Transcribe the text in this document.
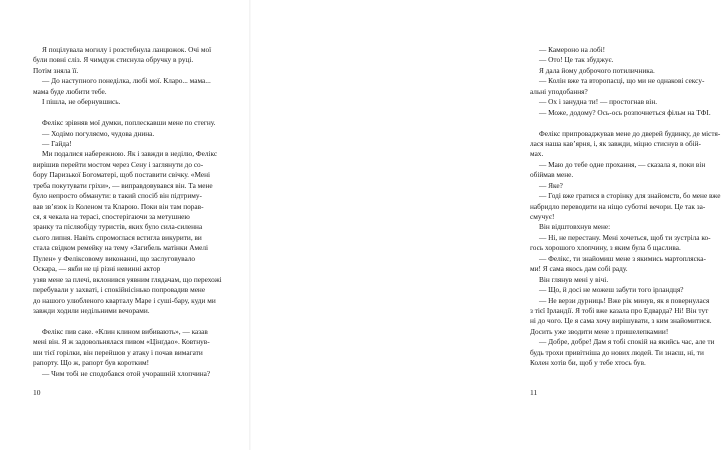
Я поцілувала могилу і розстебнула ланцюжок. Очі мої
були повні сліз. Я чимдуж стиснула обручку в руці.
Потім зняла її.
— До наступного понеділка, любі мої. Кларо... мама...
мама буде любити тебе.
І пішла, не обернувшись.
Фелікс зрівняв мої думки, поплескавши мене по стегну.
— Ходімо погуляємо, чудова днина.
— Гайда!
Ми подалися набережною. Як і завжди в неділю, Фелікс
вирішив перейти мостом через Сену і заглянути до со-
бору Паризької Богоматері, щоб поставити свічку. «Мені
треба покутувати гріхи», — виправдовувався він. Та мене
було непросто обманути: в такий спосіб він підтриму-
вав зв’язок із Коленом та Кларою. Поки він там порав-
ся, я чекала на терасі, спостерігаючи за метушнею
зранку та післяобіду туристів, яких було сила-силенна
сього липня. Навіть спромоглася встигла викурити, ви
стала свідком ремейку на тему «Загибель матінки Амелі
Пулен» у Феліксовому виконанні, що заслуговувало
Оскара, — якби не ці різні невинні актор
узяв мене за плечі, вклонився уявним глядачам, що перехожі
перебували у захваті, і спокійнісінько попровадив мене
до нашого улюбленого кварталу Маре і суші-бару, куди ми
завжди ходили недільними вечорами.
Фелікс пив саке. «Клин клином вибивають», — казав
мені він. Я ж задовольнялася пивом «Цінґдао». Ковтнув-
ши тієї горілки, він перейшов у атаку і почав вимагати
рапорту. Що ж, рапорт був коротким!
— Чим тобі не сподобався отой учорашній хлопчина?
10
— Камероно на лобі!
— Ото! Це так збуджує.
Я дала йому доброчого потиличника.
— Колін вже та второпасці, що ми не однакові сексу-
альні уподобання?
— Ох і занудна ти! — простогнав він.
— Може, додому? Ось-ось розпочнеться фільм на ТФІ.
Фелікс припроваджував мене до дверей будинку, де містя-
лася наша кав’ярня, і, як завжди, міцно стиснув в обій-
мах.
— Маю до тебе одне прохання, — сказала я, поки він
обіймав мене.
— Яке?
— Годі вже гратися в сторінку для знайомств, бо мене вже
набридло переводити на ніщо суботні вечори. Це так за-
смучує!
Він відштовхнув мене:
— Ні, не перестану. Мені хочеться, щоб ти зустріла ко-
гось хорошого хлопчину, з яким була б щаслива.
— Фелікс, ти знайомиш мене з якимись мартопляска-
ми! Я сама якось дам собі раду.
Він глянув мені у вічі.
— Що, й досі не можеш забути того ірландця?
— Не верзи дурниць! Вже рік минув, як я повернулася
з тієї Ірландії. Я тобі вже казала про Едварда? Ні! Він тут
ні до чого. Це я сама хочу вирішувати, з ким знайомитися.
Досить уже зводити мене з пришелепкамии!
— Добре, добре! Дам я тобі спокій на якийсь час, але ти
будь трохи привітніша до нових людей. Ти знаєш, ні, ти
Колен хотів би, щоб у тебе хтось був.
11
